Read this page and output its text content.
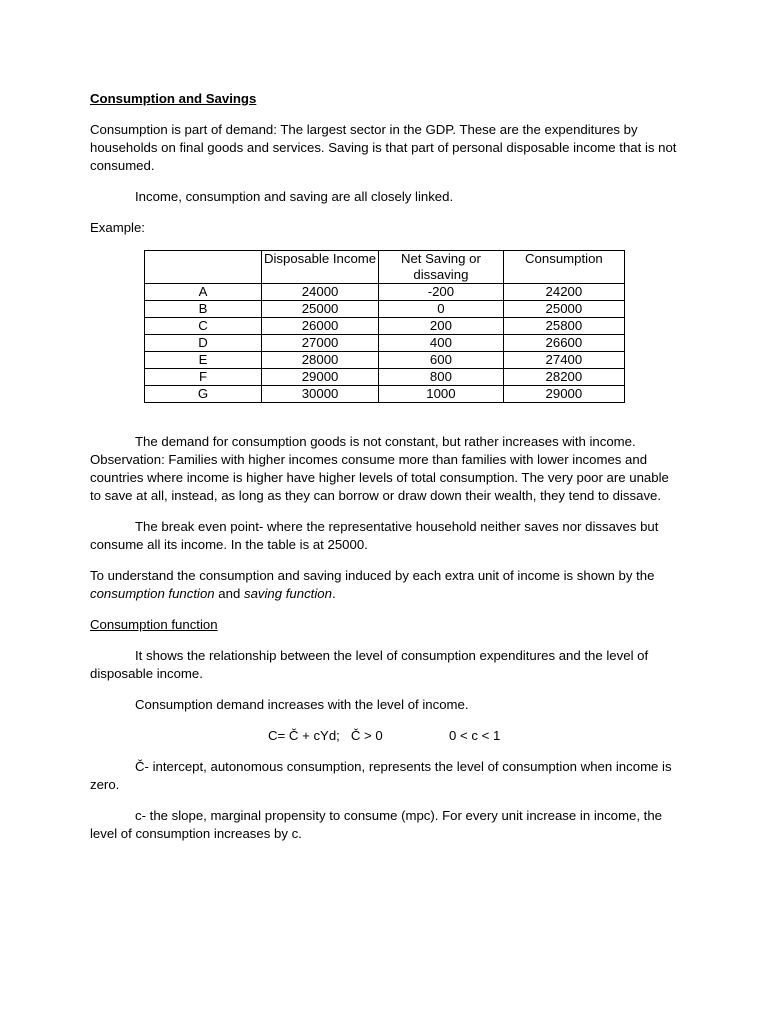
Consumption and Savings

Consumption is part of demand: The largest sector in the GDP. These are the expenditures by households on final goods and services. Saving is that part of personal disposable income that is not consumed.

Income, consumption and saving are all closely linked.

Example:

	Disposable Income	Net Saving or dissaving	Consumption
A	24000	-200	24200
B	25000	0	25000
C	26000	200	25800
D	27000	400	26600
E	28000	600	27400
F	29000	800	28200
G	30000	1000	29000

The demand for consumption goods is not constant, but rather increases with income. Observation: Families with higher incomes consume more than families with lower incomes and countries where income is higher have higher levels of total consumption. The very poor are unable to save at all, instead, as long as they can borrow or draw down their wealth, they tend to dissave.

The break even point- where the representative household neither saves nor dissaves but consume all its income. In the table is at 25000.

To understand the consumption and saving induced by each extra unit of income is shown by the consumption function and saving function.

Consumption function

It shows the relationship between the level of consumption expenditures and the level of disposable income.

Consumption demand increases with the level of income.

C= Č + cYd;   Č > 0	0 < c < 1

Č- intercept, autonomous consumption, represents the level of consumption when income is zero.

c- the slope, marginal propensity to consume (mpc). For every unit increase in income, the level of consumption increases by c.
